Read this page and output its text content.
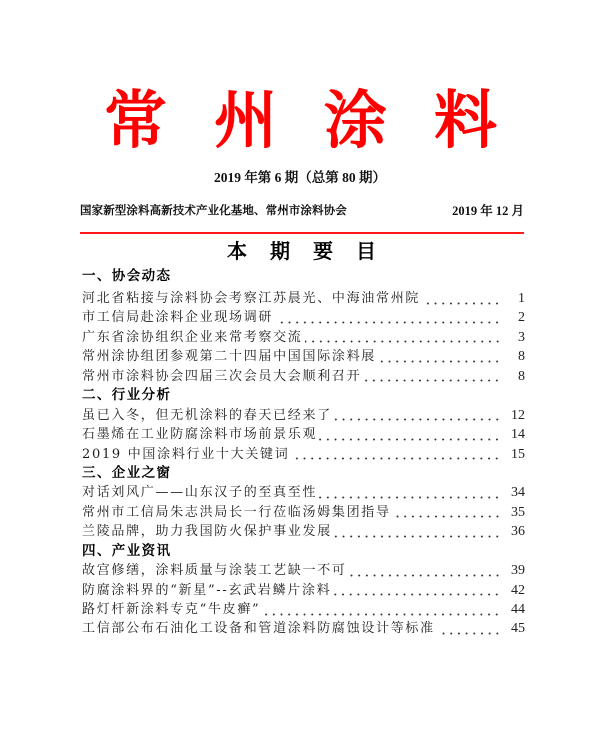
常州涂料
2019 年第 6 期（总第 80 期）
国家新型涂料高新技术产业化基地、常州市涂料协会	2019 年 12 月
本期要目
一、协会动态
河北省粘接与涂料协会考察江苏晨光、中海油常州院	1
市工信局赴涂料企业现场调研	2
广东省涂协组织企业来常考察交流	3
常州涂协组团参观第二十四届中国国际涂料展	8
常州市涂料协会四届三次会员大会顺利召开	8
二、行业分析
虽已入冬，但无机涂料的春天已经来了	12
石墨烯在工业防腐涂料市场前景乐观	14
2019 中国涂料行业十大关键词	15
三、企业之窗
对话刘风广——山东汉子的至真至性	34
常州市工信局朱志洪局长一行莅临汤姆集团指导	35
兰陵品牌，助力我国防火保护事业发展	36
四、产业资讯
故宫修缮，涂料质量与涂装工艺缺一不可	39
防腐涂料界的“新星”--玄武岩鳞片涂料	42
路灯杆新涂料专克“牛皮癣”	44
工信部公布石油化工设备和管道涂料防腐蚀设计等标准	45
